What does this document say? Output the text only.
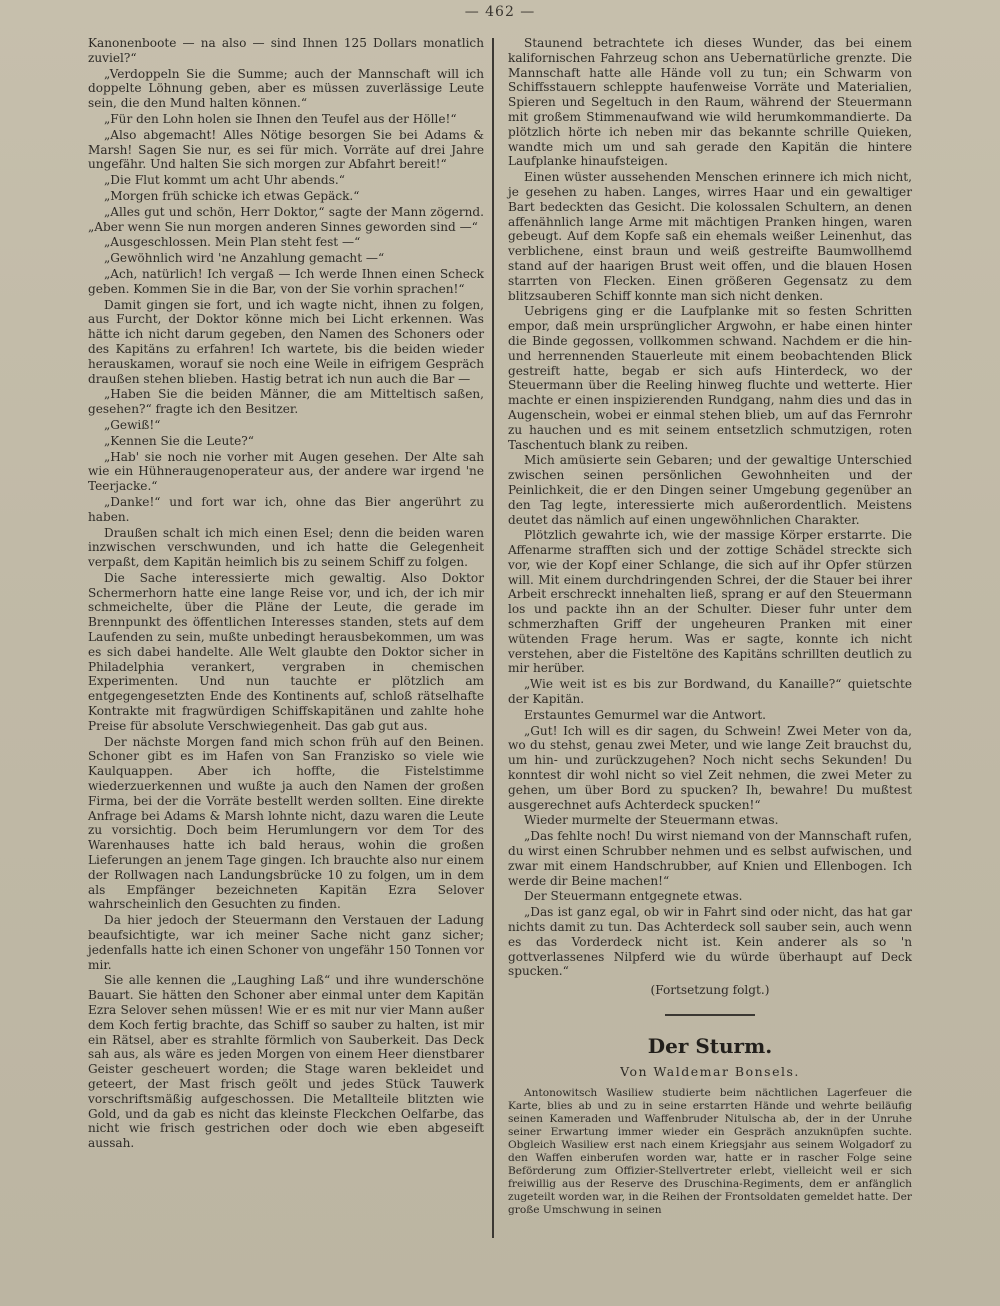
— 462 —

Kanonenboote — na also — sind Ihnen 125 Dollars monatlich zuviel?“

„Verdoppeln Sie die Summe; auch der Mannschaft will ich doppelte Löhnung geben, aber es müssen zuverlässige Leute sein, die den Mund halten können.“

„Für den Lohn holen sie Ihnen den Teufel aus der Hölle!“

„Also abgemacht! Alles Nötige besorgen Sie bei Adams & Marsh! Sagen Sie nur, es sei für mich. Vorräte auf drei Jahre ungefähr. Und halten Sie sich morgen zur Abfahrt bereit!“

„Die Flut kommt um acht Uhr abends.“

„Morgen früh schicke ich etwas Gepäck.“

„Alles gut und schön, Herr Doktor,“ sagte der Mann zögernd. „Aber wenn Sie nun morgen anderen Sinnes geworden sind —“

„Ausgeschlossen. Mein Plan steht fest —“

„Gewöhnlich wird 'ne Anzahlung gemacht —“

„Ach, natürlich! Ich vergaß — Ich werde Ihnen einen Scheck geben. Kommen Sie in die Bar, von der Sie vorhin sprachen!“

Damit gingen sie fort, und ich wagte nicht, ihnen zu folgen, aus Furcht, der Doktor könne mich bei Licht erkennen. Was hätte ich nicht darum gegeben, den Namen des Schoners oder des Kapitäns zu erfahren! Ich wartete, bis die beiden wieder herauskamen, worauf sie noch eine Weile in eifrigem Gespräch draußen stehen blieben. Hastig betrat ich nun auch die Bar —

„Haben Sie die beiden Männer, die am Mitteltisch saßen, gesehen?“ fragte ich den Besitzer.

„Gewiß!“

„Kennen Sie die Leute?“

„Hab' sie noch nie vorher mit Augen gesehen. Der Alte sah wie ein Hühneraugenoperateur aus, der andere war irgend 'ne Teerjacke.“

„Danke!“ und fort war ich, ohne das Bier angerührt zu haben.

Draußen schalt ich mich einen Esel; denn die beiden waren inzwischen verschwunden, und ich hatte die Gelegenheit verpaßt, dem Kapitän heimlich bis zu seinem Schiff zu folgen.

Die Sache interessierte mich gewaltig. Also Doktor Schermerhorn hatte eine lange Reise vor, und ich, der ich mir schmeichelte, über die Pläne der Leute, die gerade im Brennpunkt des öffentlichen Interesses standen, stets auf dem Laufenden zu sein, mußte unbedingt herausbekommen, um was es sich dabei handelte. Alle Welt glaubte den Doktor sicher in Philadelphia verankert, vergraben in chemischen Experimenten. Und nun tauchte er plötzlich am entgegengesetzten Ende des Kontinents auf, schloß rätselhafte Kontrakte mit fragwürdigen Schiffskapitänen und zahlte hohe Preise für absolute Verschwiegenheit. Das gab gut aus.

Der nächste Morgen fand mich schon früh auf den Beinen. Schoner gibt es im Hafen von San Franzisko so viele wie Kaulquappen. Aber ich hoffte, die Fistelstimme wiederzuerkennen und wußte ja auch den Namen der großen Firma, bei der die Vorräte bestellt werden sollten. Eine direkte Anfrage bei Adams & Marsh lohnte nicht, dazu waren die Leute zu vorsichtig. Doch beim Herumlungern vor dem Tor des Warenhauses hatte ich bald heraus, wohin die großen Lieferungen an jenem Tage gingen. Ich brauchte also nur einem der Rollwagen nach Landungsbrücke 10 zu folgen, um in dem als Empfänger bezeichneten Kapitän Ezra Selover wahrscheinlich den Gesuchten zu finden.

Da hier jedoch der Steuermann den Verstauen der Ladung beaufsichtigte, war ich meiner Sache nicht ganz sicher; jedenfalls hatte ich einen Schoner von ungefähr 150 Tonnen vor mir.

Sie alle kennen die „Laughing Laß“ und ihre wunderschöne Bauart. Sie hätten den Schoner aber einmal unter dem Kapitän Ezra Selover sehen müssen! Wie er es mit nur vier Mann außer dem Koch fertig brachte, das Schiff so sauber zu halten, ist mir ein Rätsel, aber es strahlte förmlich von Sauberkeit. Das Deck sah aus, als wäre es jeden Morgen von einem Heer dienstbarer Geister gescheuert worden; die Stage waren bekleidet und geteert, der Mast frisch geölt und jedes Stück Tauwerk vorschriftsmäßig aufgeschossen. Die Metallteile blitzten wie Gold, und da gab es nicht das kleinste Fleckchen Oelfarbe, das nicht wie frisch gestrichen oder doch wie eben abgeseift aussah.

Staunend betrachtete ich dieses Wunder, das bei einem kalifornischen Fahrzeug schon ans Uebernatürliche grenzte. Die Mannschaft hatte alle Hände voll zu tun; ein Schwarm von Schiffsstauern schleppte haufenweise Vorräte und Materialien, Spieren und Segeltuch in den Raum, während der Steuermann mit großem Stimmenaufwand wie wild herumkommandierte. Da plötzlich hörte ich neben mir das bekannte schrille Quieken, wandte mich um und sah gerade den Kapitän die hintere Laufplanke hinaufsteigen.

Einen wüster aussehenden Menschen erinnere ich mich nicht, je gesehen zu haben. Langes, wirres Haar und ein gewaltiger Bart bedeckten das Gesicht. Die kolossalen Schultern, an denen affenähnlich lange Arme mit mächtigen Pranken hingen, waren gebeugt. Auf dem Kopfe saß ein ehemals weißer Leinenhut, das verblichene, einst braun und weiß gestreifte Baumwollhemd stand auf der haarigen Brust weit offen, und die blauen Hosen starrten von Flecken. Einen größeren Gegensatz zu dem blitzsauberen Schiff konnte man sich nicht denken.

Uebrigens ging er die Laufplanke mit so festen Schritten empor, daß mein ursprünglicher Argwohn, er habe einen hinter die Binde gegossen, vollkommen schwand. Nachdem er die hin- und herrennenden Stauerleute mit einem beobachtenden Blick gestreift hatte, begab er sich aufs Hinterdeck, wo der Steuermann über die Reeling hinweg fluchte und wetterte. Hier machte er einen inspizierenden Rundgang, nahm dies und das in Augenschein, wobei er einmal stehen blieb, um auf das Fernrohr zu hauchen und es mit seinem entsetzlich schmutzigen, roten Taschentuch blank zu reiben.

Mich amüsierte sein Gebaren; und der gewaltige Unterschied zwischen seinen persönlichen Gewohnheiten und der Peinlichkeit, die er den Dingen seiner Umgebung gegenüber an den Tag legte, interessierte mich außerordentlich. Meistens deutet das nämlich auf einen ungewöhnlichen Charakter.

Plötzlich gewahrte ich, wie der massige Körper erstarrte. Die Affenarme strafften sich und der zottige Schädel streckte sich vor, wie der Kopf einer Schlange, die sich auf ihr Opfer stürzen will. Mit einem durchdringenden Schrei, der die Stauer bei ihrer Arbeit erschreckt innehalten ließ, sprang er auf den Steuermann los und packte ihn an der Schulter. Dieser fuhr unter dem schmerzhaften Griff der ungeheuren Pranken mit einer wütenden Frage herum. Was er sagte, konnte ich nicht verstehen, aber die Fisteltöne des Kapitäns schrillten deutlich zu mir herüber.

„Wie weit ist es bis zur Bordwand, du Kanaille?“ quietschte der Kapitän.

Erstauntes Gemurmel war die Antwort.

„Gut! Ich will es dir sagen, du Schwein! Zwei Meter von da, wo du stehst, genau zwei Meter, und wie lange Zeit brauchst du, um hin- und zurückzugehen? Noch nicht sechs Sekunden! Du konntest dir wohl nicht so viel Zeit nehmen, die zwei Meter zu gehen, um über Bord zu spucken? Ih, bewahre! Du mußtest ausgerechnet aufs Achterdeck spucken!“

Wieder murmelte der Steuermann etwas.

„Das fehlte noch! Du wirst niemand von der Mannschaft rufen, du wirst einen Schrubber nehmen und es selbst aufwischen, und zwar mit einem Handschrubber, auf Knien und Ellenbogen. Ich werde dir Beine machen!“

Der Steuermann entgegnete etwas.

„Das ist ganz egal, ob wir in Fahrt sind oder nicht, das hat gar nichts damit zu tun. Das Achterdeck soll sauber sein, auch wenn es das Vorderdeck nicht ist. Kein anderer als so 'n gottverlassenes Nilpferd wie du würde überhaupt auf Deck spucken.“

(Fortsetzung folgt.)

Der Sturm.
Von Waldemar Bonsels.

Antonowitsch Wasiliew studierte beim nächtlichen Lagerfeuer die Karte, blies ab und zu in seine erstarrten Hände und wehrte beiläufig seinen Kameraden und Waffenbruder Nitulscha ab, der in der Unruhe seiner Erwartung immer wieder ein Gespräch anzuknüpfen suchte. Obgleich Wasiliew erst nach einem Kriegsjahr aus seinem Wolgadorf zu den Waffen einberufen worden war, hatte er in rascher Folge seine Beförderung zum Offizier-Stellvertreter erlebt, vielleicht weil er sich freiwillig aus der Reserve des Druschina-Regiments, dem er anfänglich zugeteilt worden war, in die Reihen der Frontsoldaten gemeldet hatte. Der große Umschwung in seinen
